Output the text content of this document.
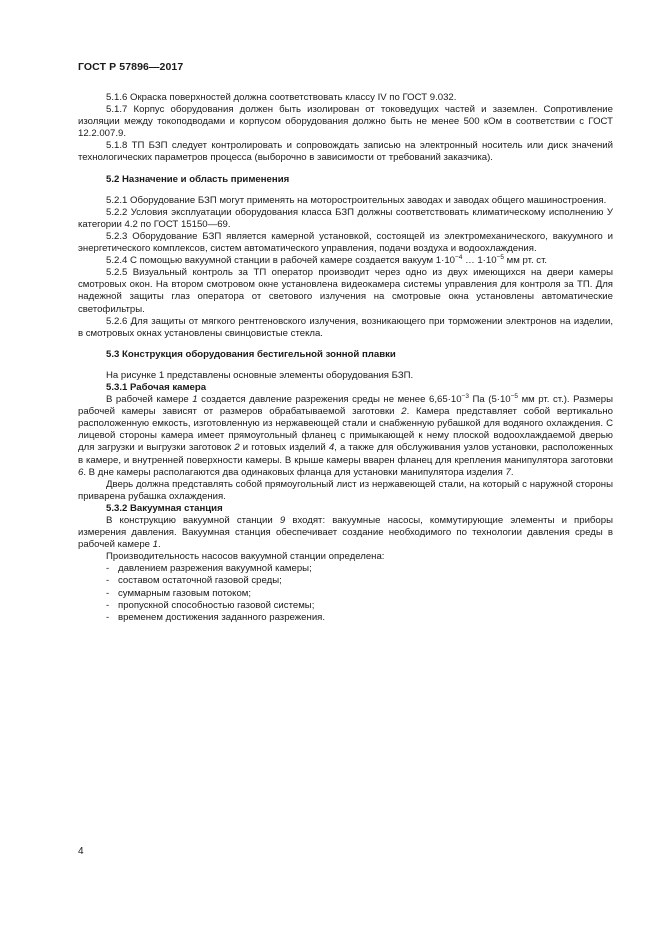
ГОСТ Р 57896—2017

5.1.6 Окраска поверхностей должна соответствовать классу IV по ГОСТ 9.032.

5.1.7 Корпус оборудования должен быть изолирован от токоведущих частей и заземлен. Сопротивление изоляции между токоподводами и корпусом оборудования должно быть не менее 500 кОм в соответствии с ГОСТ 12.2.007.9.

5.1.8 ТП БЗП следует контролировать и сопровождать записью на электронный носитель или диск значений технологических параметров процесса (выборочно в зависимости от требований заказчика).

5.2 Назначение и область применения

5.2.1 Оборудование БЗП могут применять на моторостроительных заводах и заводах общего машиностроения.

5.2.2 Условия эксплуатации оборудования класса БЗП должны соответствовать климатическому исполнению У категории 4.2 по ГОСТ 15150—69.

5.2.3 Оборудование БЗП является камерной установкой, состоящей из электромеханического, вакуумного и энергетического комплексов, систем автоматического управления, подачи воздуха и водоохлаждения.

5.2.4 С помощью вакуумной станции в рабочей камере создается вакуум $1\cdot 10^{-4}$ … $1\cdot 10^{-5}$ мм рт. ст.

5.2.5 Визуальный контроль за ТП оператор производит через одно из двух имеющихся на двери камеры смотровых окон. На втором смотровом окне установлена видеокамера системы управления для контроля за ТП. Для надежной защиты глаз оператора от светового излучения на смотровые окна установлены автоматические светофильтры.

5.2.6 Для защиты от мягкого рентгеновского излучения, возникающего при торможении электронов на изделии, в смотровых окнах установлены свинцовистые стекла.

5.3 Конструкция оборудования бестигельной зонной плавки

На рисунке 1 представлены основные элементы оборудования БЗП.

5.3.1 Рабочая камера

В рабочей камере 1 создается давление разрежения среды не менее $6,65\cdot 10^{-3}$ Па ($5\cdot 10^{-5}$ мм рт. ст.). Размеры рабочей камеры зависят от размеров обрабатываемой заготовки 2. Камера представляет собой вертикально расположенную емкость, изготовленную из нержавеющей стали и снабженную рубашкой для водяного охлаждения. С лицевой стороны камера имеет прямоугольный фланец с примыкающей к нему плоской водоохлаждаемой дверью для загрузки и выгрузки заготовок 2 и готовых изделий 4, а также для обслуживания узлов установки, расположенных в камере, и внутренней поверхности камеры. В крыше камеры вварен фланец для крепления манипулятора заготовки 6. В дне камеры располагаются два одинаковых фланца для установки манипулятора изделия 7.

Дверь должна представлять собой прямоугольный лист из нержавеющей стали, на который с наружной стороны приварена рубашка охлаждения.

5.3.2 Вакуумная станция

В конструкцию вакуумной станции 9 входят: вакуумные насосы, коммутирующие элементы и приборы измерения давления. Вакуумная станция обеспечивает создание необходимого по технологии давления среды в рабочей камере 1.

Производительность насосов вакуумной станции определена:

- давлением разрежения вакуумной камеры;

- составом остаточной газовой среды;

- суммарным газовым потоком;

- пропускной способностью газовой системы;

- временем достижения заданного разрежения.

4
